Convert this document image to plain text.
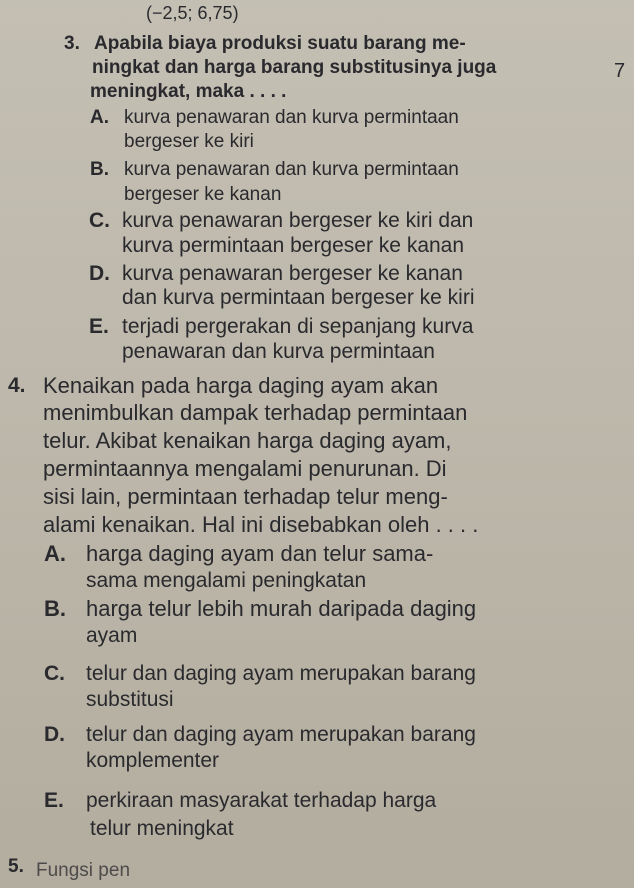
(−2,5; 6,75)
3. Apabila biaya produksi suatu barang me-
ningkat dan harga barang substitusinya juga
meningkat, maka . . . .
7
A. kurva penawaran dan kurva permintaan
bergeser ke kiri
B. kurva penawaran dan kurva permintaan
bergeser ke kanan
C. kurva penawaran bergeser ke kiri dan
kurva permintaan bergeser ke kanan
D. kurva penawaran bergeser ke kanan
dan kurva permintaan bergeser ke kiri
E. terjadi pergerakan di sepanjang kurva
penawaran dan kurva permintaan
4. Kenaikan pada harga daging ayam akan
menimbulkan dampak terhadap permintaan
telur. Akibat kenaikan harga daging ayam,
permintaannya mengalami penurunan. Di
sisi lain, permintaan terhadap telur meng-
alami kenaikan. Hal ini disebabkan oleh . . . .
A. harga daging ayam dan telur sama-
sama mengalami peningkatan
B. harga telur lebih murah daripada daging
ayam
C. telur dan daging ayam merupakan barang
substitusi
D. telur dan daging ayam merupakan barang
komplementer
E. perkiraan masyarakat terhadap harga
telur meningkat
5. Fungsi pen
